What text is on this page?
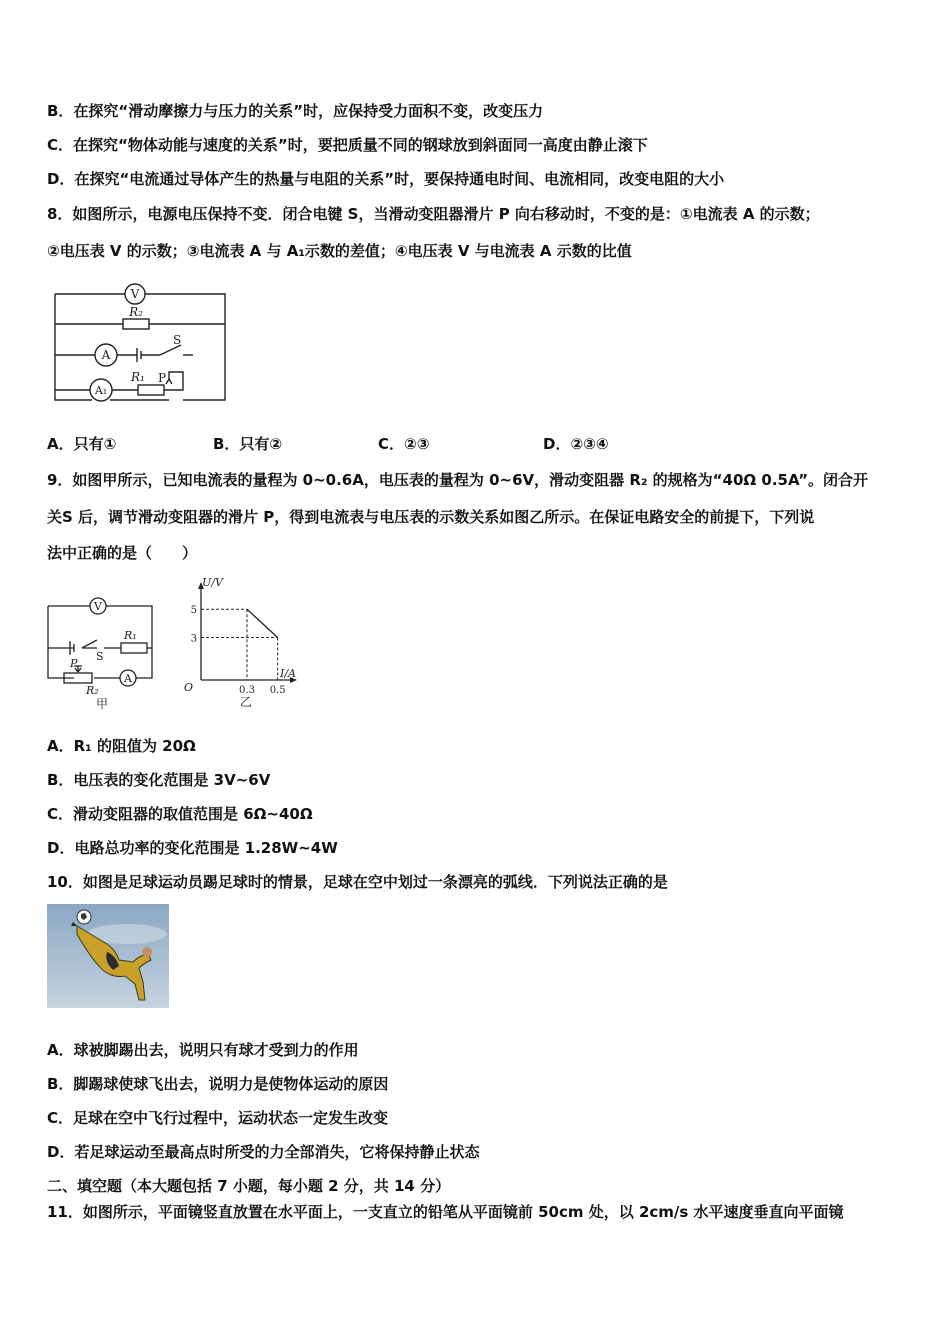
B．在探究“滑动摩擦力与压力的关系”时，应保持受力面积不变，改变压力
C．在探究“物体动能与速度的关系”时，要把质量不同的钢球放到斜面同一高度由静止滚下
D．在探究“电流通过导体产生的热量与电阻的关系”时，要保持通电时间、电流相同，改变电阻的大小
8．如图所示，电源电压保持不变．闭合电键 S，当滑动变阻器滑片 P 向右移动时，不变的是：①电流表 A 的示数；
②电压表 V 的示数；③电流表 A 与 A₁示数的差值；④电压表 V 与电流表 A 示数的比值
V
R₂
A
S
A₁
R₁ P
A．只有①	B．只有②	C．②③	D．②③④
9．如图甲所示，已知电流表的量程为 0~0.6A，电压表的量程为 0~6V，滑动变阻器 R₂ 的规格为“40Ω 0.5A”。闭合开
关S 后，调节滑动变阻器的滑片 P，得到电流表与电压表的示数关系如图乙所示。在保证电路安全的前提下，下列说
法中正确的是（　　）
V
R₁
S
P
R₂
A
甲
0.3 0.5
5
3
U/V
I/A
O
乙
A．R₁ 的阻值为 20Ω
B．电压表的变化范围是 3V~6V
C．滑动变阻器的取值范围是 6Ω~40Ω
D．电路总功率的变化范围是 1.28W~4W
10．如图是足球运动员踢足球时的情景，足球在空中划过一条漂亮的弧线．下列说法正确的是
A．球被脚踢出去，说明只有球才受到力的作用
B．脚踢球使球飞出去，说明力是使物体运动的原因
C．足球在空中飞行过程中，运动状态一定发生改变
D．若足球运动至最高点时所受的力全部消失，它将保持静止状态
二、填空题（本大题包括 7 小题，每小题 2 分，共 14 分）
11．如图所示，平面镜竖直放置在水平面上，一支直立的铅笔从平面镜前 50cm 处，以 2cm/s 水平速度垂直向平面镜
